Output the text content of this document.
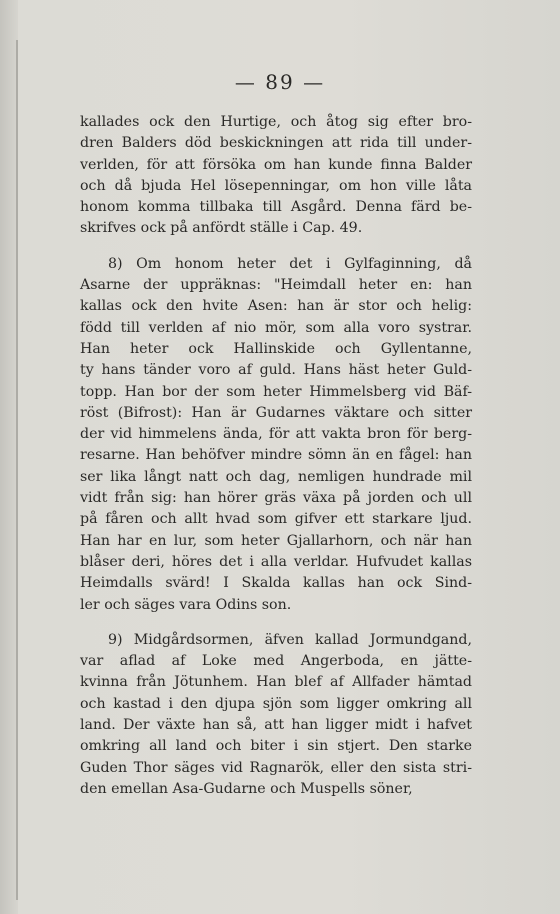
— 89 —

kallades ock den Hurtige, och åtog sig efter bro-
dren Balders död beskickningen att rida till under-
verlden, för att försöka om han kunde finna Balder
och då bjuda Hel lösepenningar, om hon ville låta
honom komma tillbaka till Asgård. Denna färd be-
skrifves ock på anfördt ställe i Cap. 49.

8) Om honom heter det i Gylfaginning, då
Asarne der uppräknas: "Heimdall heter en: han
kallas ock den hvite Asen: han är stor och helig:
född till verlden af nio mör, som alla voro systrar.
Han heter ock Hallinskide och Gyllentanne,
ty hans tänder voro af guld. Hans häst heter Guld-
topp. Han bor der som heter Himmelsberg vid Bäf-
röst (Bifrost): Han är Gudarnes väktare och sitter
der vid himmelens ända, för att vakta bron för berg-
resarne. Han behöfver mindre sömn än en fågel: han
ser lika långt natt och dag, nemligen hundrade mil
vidt från sig: han hörer gräs växa på jorden och ull
på fåren och allt hvad som gifver ett starkare ljud.
Han har en lur, som heter Gjallarhorn, och när han
blåser deri, höres det i alla verldar. Hufvudet kallas
Heimdalls svärd! I Skalda kallas han ock Sind-
ler och säges vara Odins son.

9) Midgårdsormen, äfven kallad Jormundgand,
var aflad af Loke med Angerboda, en jätte-
kvinna från Jötunhem. Han blef af Allfader hämtad
och kastad i den djupa sjön som ligger omkring all
land. Der växte han så, att han ligger midt i hafvet
omkring all land och biter i sin stjert. Den starke
Guden Thor säges vid Ragnarök, eller den sista stri-
den emellan Asa-Gudarne och Muspells söner,
